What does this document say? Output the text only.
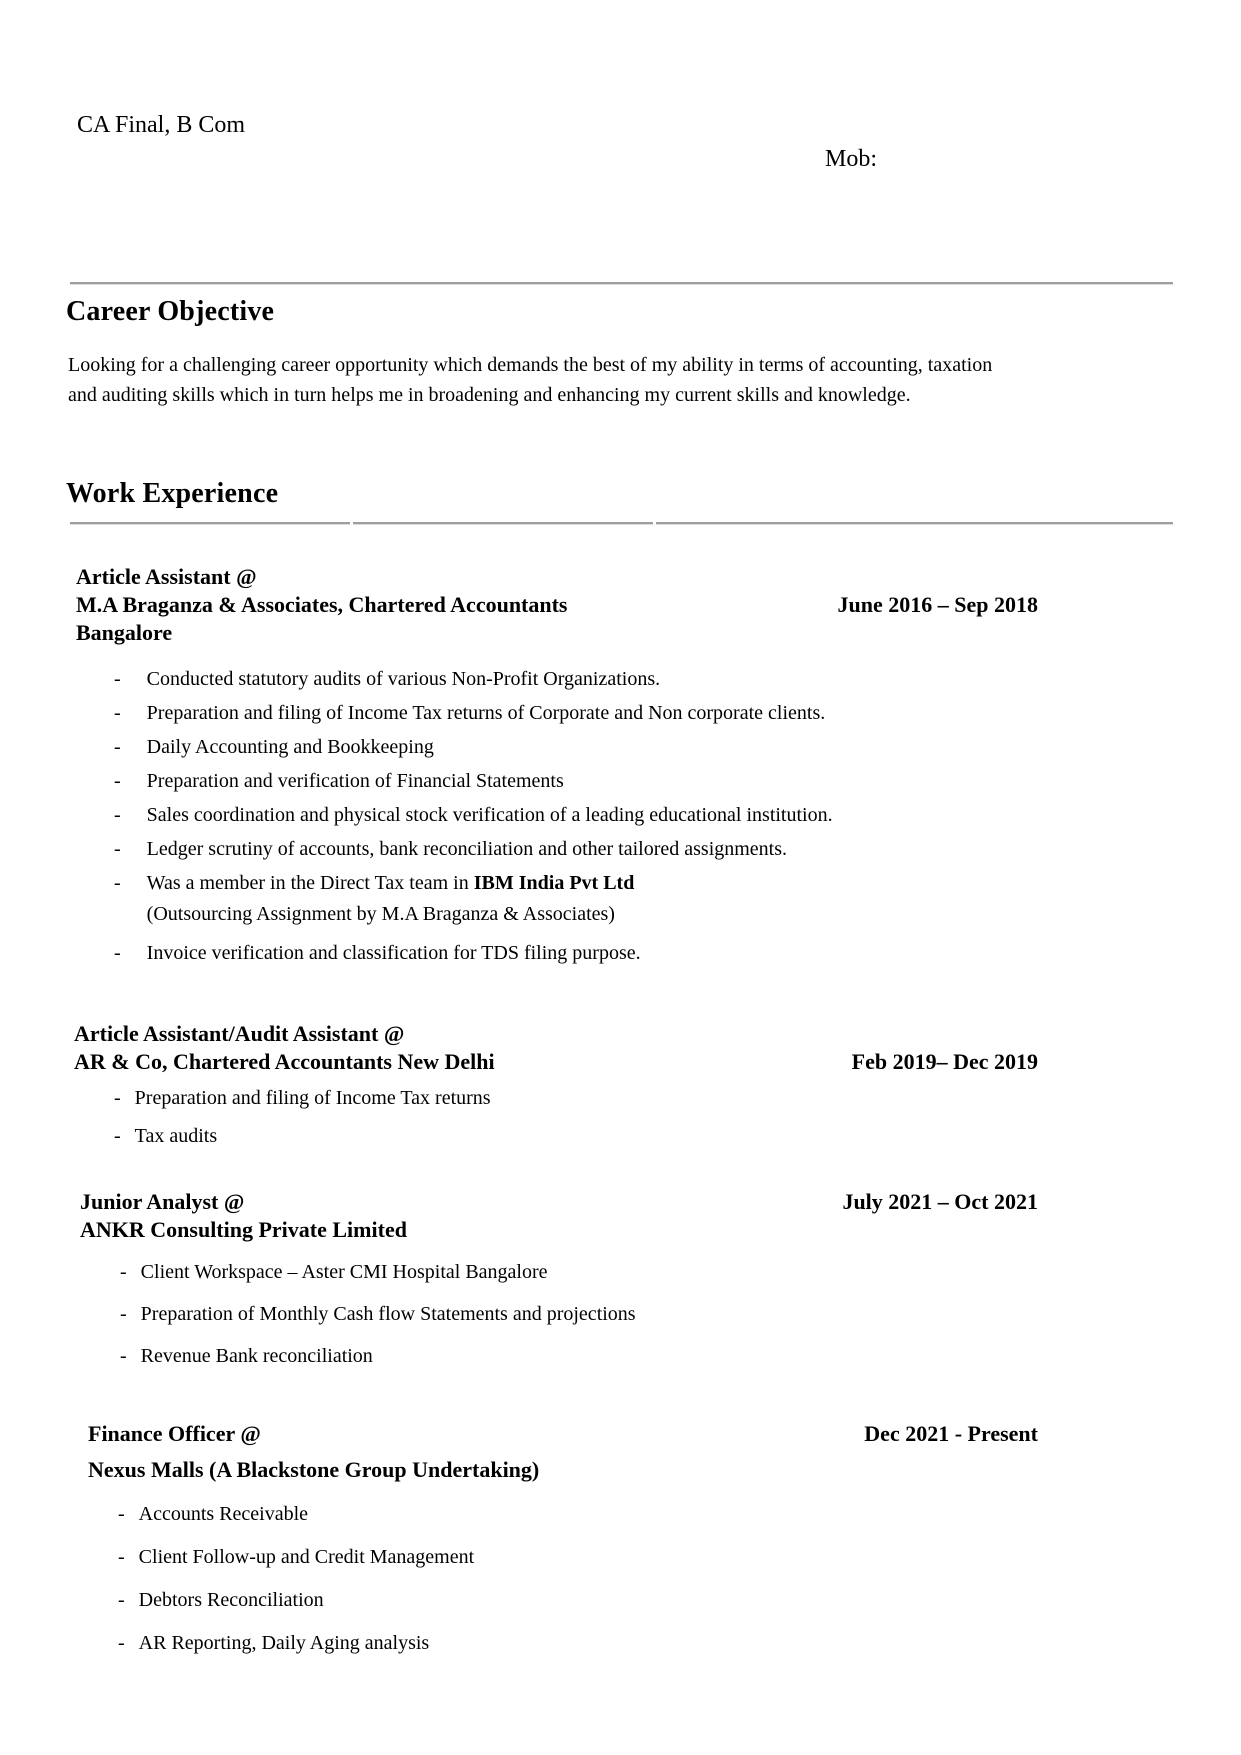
CA Final, B Com
Mob:
Career Objective
Looking for a challenging career opportunity which demands the best of my ability in terms of accounting, taxation and auditing skills which in turn helps me in broadening and enhancing my current skills and knowledge.
Work Experience
Article Assistant @
M.A Braganza & Associates, Chartered Accountants	June 2016 – Sep 2018
Bangalore
- Conducted statutory audits of various Non-Profit Organizations.
- Preparation and filing of Income Tax returns of Corporate and Non corporate clients.
- Daily Accounting and Bookkeeping
- Preparation and verification of Financial Statements
- Sales coordination and physical stock verification of a leading educational institution.
- Ledger scrutiny of accounts, bank reconciliation and other tailored assignments.
- Was a member in the Direct Tax team in IBM India Pvt Ltd
(Outsourcing Assignment by M.A Braganza & Associates)
- Invoice verification and classification for TDS filing purpose.
Article Assistant/Audit Assistant @
AR & Co, Chartered Accountants New Delhi	Feb 2019– Dec 2019
- Preparation and filing of Income Tax returns
- Tax audits
Junior Analyst @	July 2021 – Oct 2021
ANKR Consulting Private Limited
- Client Workspace – Aster CMI Hospital Bangalore
- Preparation of Monthly Cash flow Statements and projections
- Revenue Bank reconciliation
Finance Officer @	Dec 2021 - Present
Nexus Malls (A Blackstone Group Undertaking)
- Accounts Receivable
- Client Follow-up and Credit Management
- Debtors Reconciliation
- AR Reporting, Daily Aging analysis
